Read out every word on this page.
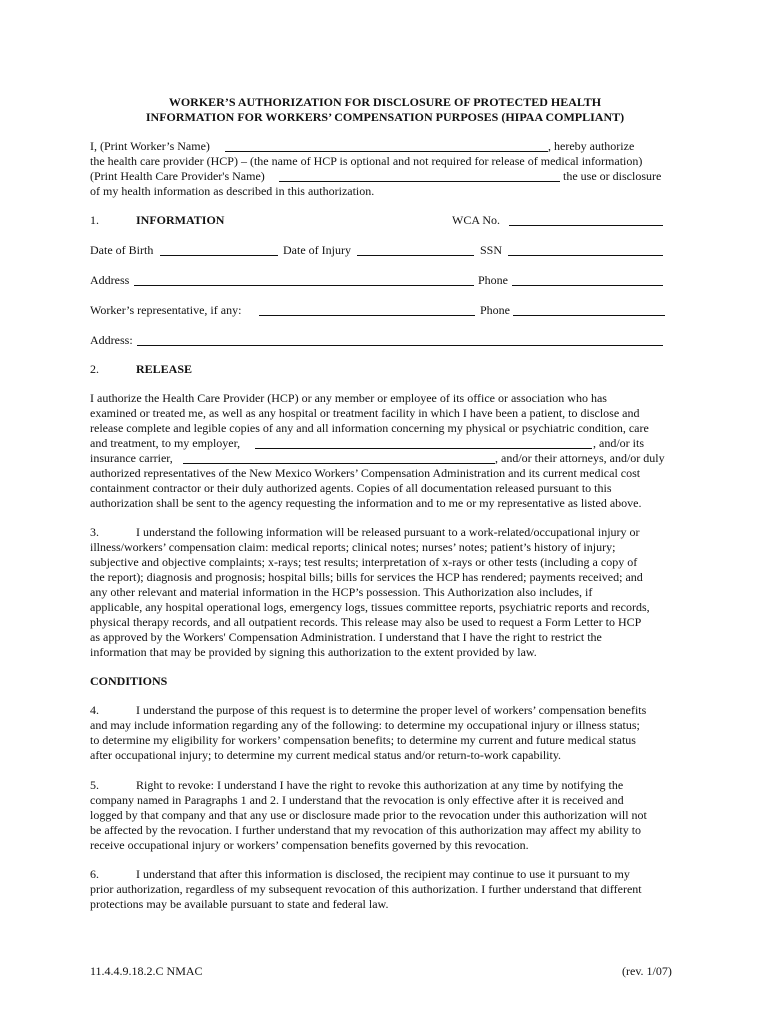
WORKER’S AUTHORIZATION FOR DISCLOSURE OF PROTECTED HEALTH
INFORMATION FOR WORKERS’ COMPENSATION PURPOSES (HIPAA COMPLIANT)
I, (Print Worker’s Name)	, hereby authorize
the health care provider (HCP) – (the name of HCP is optional and not required for release of medical information)
(Print Health Care Provider's Name)	the use or disclosure
of my health information as described in this authorization.
1.	INFORMATION	WCA No.
Date of Birth	Date of Injury	SSN
Address	Phone
Worker’s representative, if any:	Phone
Address:
2.	RELEASE
I authorize the Health Care Provider (HCP) or any member or employee of its office or association who has
examined or treated me, as well as any hospital or treatment facility in which I have been a patient, to disclose and
release complete and legible copies of any and all information concerning my physical or psychiatric condition, care
and treatment, to my employer,	, and/or its
insurance carrier,	, and/or their attorneys, and/or duly
authorized representatives of the New Mexico Workers’ Compensation Administration and its current medical cost
containment contractor or their duly authorized agents. Copies of all documentation released pursuant to this
authorization shall be sent to the agency requesting the information and to me or my representative as listed above.
3.	I understand the following information will be released pursuant to a work-related/occupational injury or
illness/workers’ compensation claim: medical reports; clinical notes; nurses’ notes; patient’s history of injury;
subjective and objective complaints; x-rays; test results; interpretation of x-rays or other tests (including a copy of
the report); diagnosis and prognosis; hospital bills; bills for services the HCP has rendered; payments received; and
any other relevant and material information in the HCP’s possession. This Authorization also includes, if
applicable, any hospital operational logs, emergency logs, tissues committee reports, psychiatric reports and records,
physical therapy records, and all outpatient records. This release may also be used to request a Form Letter to HCP
as approved by the Workers' Compensation Administration. I understand that I have the right to restrict the
information that may be provided by signing this authorization to the extent provided by law.
CONDITIONS
4.	I understand the purpose of this request is to determine the proper level of workers’ compensation benefits
and may include information regarding any of the following: to determine my occupational injury or illness status;
to determine my eligibility for workers’ compensation benefits; to determine my current and future medical status
after occupational injury; to determine my current medical status and/or return-to-work capability.
5.	Right to revoke: I understand I have the right to revoke this authorization at any time by notifying the
company named in Paragraphs 1 and 2. I understand that the revocation is only effective after it is received and
logged by that company and that any use or disclosure made prior to the revocation under this authorization will not
be affected by the revocation. I further understand that my revocation of this authorization may affect my ability to
receive occupational injury or workers’ compensation benefits governed by this revocation.
6.	I understand that after this information is disclosed, the recipient may continue to use it pursuant to my
prior authorization, regardless of my subsequent revocation of this authorization. I further understand that different
protections may be available pursuant to state and federal law.
11.4.4.9.18.2.C NMAC	(rev. 1/07)
